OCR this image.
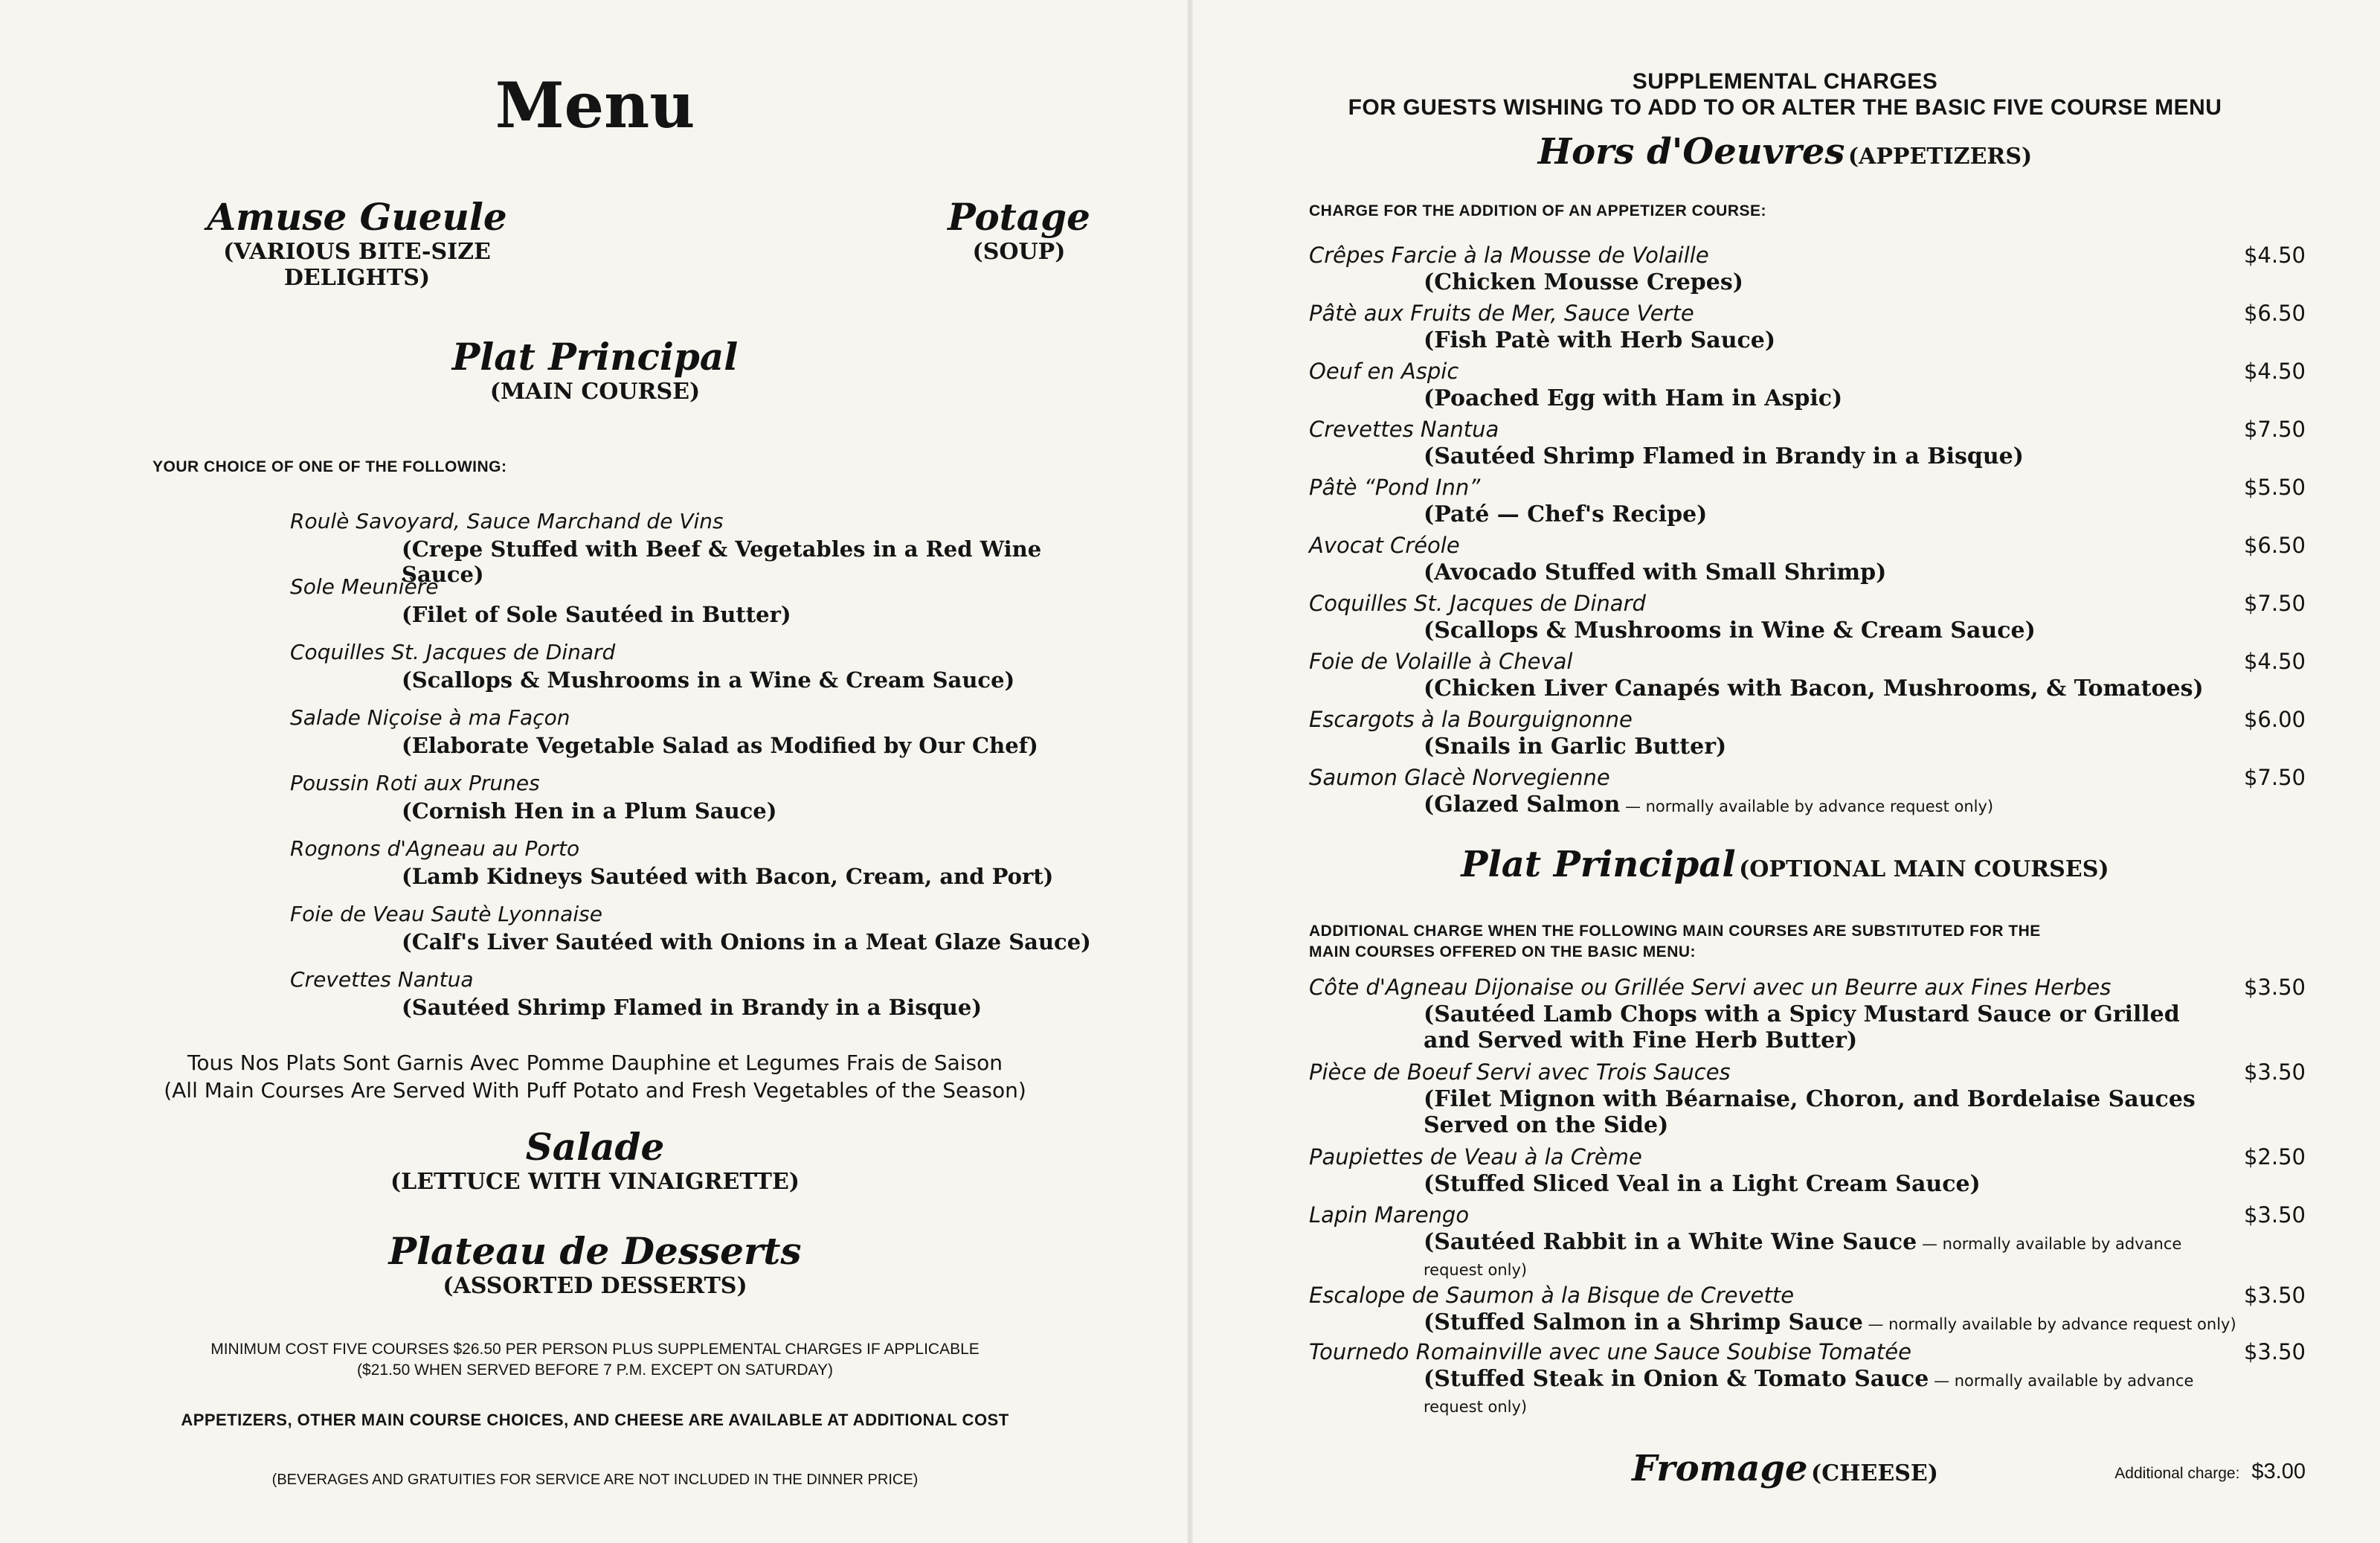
Menu
Amuse Gueule
(VARIOUS BITE-SIZE DELIGHTS)
Potage
(SOUP)
Plat Principal
(MAIN COURSE)
YOUR CHOICE OF ONE OF THE FOLLOWING:
Roulè Savoyard, Sauce Marchand de Vins
(Crepe Stuffed with Beef & Vegetables in a Red Wine Sauce)
Sole Meunière
(Filet of Sole Sautéed in Butter)
Coquilles St. Jacques de Dinard
(Scallops & Mushrooms in a Wine & Cream Sauce)
Salade Niçoise à ma Façon
(Elaborate Vegetable Salad as Modified by Our Chef)
Poussin Roti aux Prunes
(Cornish Hen in a Plum Sauce)
Rognons d'Agneau au Porto
(Lamb Kidneys Sautéed with Bacon, Cream, and Port)
Foie de Veau Sautè Lyonnaise
(Calf's Liver Sautéed with Onions in a Meat Glaze Sauce)
Crevettes Nantua
(Sautéed Shrimp Flamed in Brandy in a Bisque)
Tous Nos Plats Sont Garnis Avec Pomme Dauphine et Legumes Frais de Saison
(All Main Courses Are Served With Puff Potato and Fresh Vegetables of the Season)
Salade
(LETTUCE WITH VINAIGRETTE)
Plateau de Desserts
(ASSORTED DESSERTS)
MINIMUM COST FIVE COURSES $26.50 PER PERSON PLUS SUPPLEMENTAL CHARGES IF APPLICABLE
($21.50 WHEN SERVED BEFORE 7 P.M. EXCEPT ON SATURDAY)
APPETIZERS, OTHER MAIN COURSE CHOICES, AND CHEESE ARE AVAILABLE AT ADDITIONAL COST
(BEVERAGES AND GRATUITIES FOR SERVICE ARE NOT INCLUDED IN THE DINNER PRICE)
SUPPLEMENTAL CHARGES
FOR GUESTS WISHING TO ADD TO OR ALTER THE BASIC FIVE COURSE MENU
Hors d'Oeuvres (APPETIZERS)
CHARGE FOR THE ADDITION OF AN APPETIZER COURSE:
Crêpes Farcie à la Mousse de Volaille
(Chicken Mousse Crepes)
$4.50
Pâtè aux Fruits de Mer, Sauce Verte
(Fish Patè with Herb Sauce)
$6.50
Oeuf en Aspic
(Poached Egg with Ham in Aspic)
$4.50
Crevettes Nantua
(Sautéed Shrimp Flamed in Brandy in a Bisque)
$7.50
Pâtè “Pond Inn”
(Paté — Chef's Recipe)
$5.50
Avocat Créole
(Avocado Stuffed with Small Shrimp)
$6.50
Coquilles St. Jacques de Dinard
(Scallops & Mushrooms in Wine & Cream Sauce)
$7.50
Foie de Volaille à Cheval
(Chicken Liver Canapés with Bacon, Mushrooms, & Tomatoes)
$4.50
Escargots à la Bourguignonne
(Snails in Garlic Butter)
$6.00
Saumon Glacè Norvegienne
(Glazed Salmon — normally available by advance request only)
$7.50
Plat Principal (OPTIONAL MAIN COURSES)
ADDITIONAL CHARGE WHEN THE FOLLOWING MAIN COURSES ARE SUBSTITUTED FOR THE
MAIN COURSES OFFERED ON THE BASIC MENU:
Côte d'Agneau Dijonaise ou Grillée Servi avec un Beurre aux Fines Herbes
(Sautéed Lamb Chops with a Spicy Mustard Sauce or Grilled
and Served with Fine Herb Butter)
$3.50
Pièce de Boeuf Servi avec Trois Sauces
(Filet Mignon with Béarnaise, Choron, and Bordelaise Sauces
Served on the Side)
$3.50
Paupiettes de Veau à la Crème
(Stuffed Sliced Veal in a Light Cream Sauce)
$2.50
Lapin Marengo
(Sautéed Rabbit in a White Wine Sauce — normally available by advance request only)
$3.50
Escalope de Saumon à la Bisque de Crevette
(Stuffed Salmon in a Shrimp Sauce — normally available by advance request only)
$3.50
Tournedo Romainville avec une Sauce Soubise Tomatée
(Stuffed Steak in Onion & Tomato Sauce — normally available by advance request only)
$3.50
Fromage (CHEESE)	Additional charge: $3.00
